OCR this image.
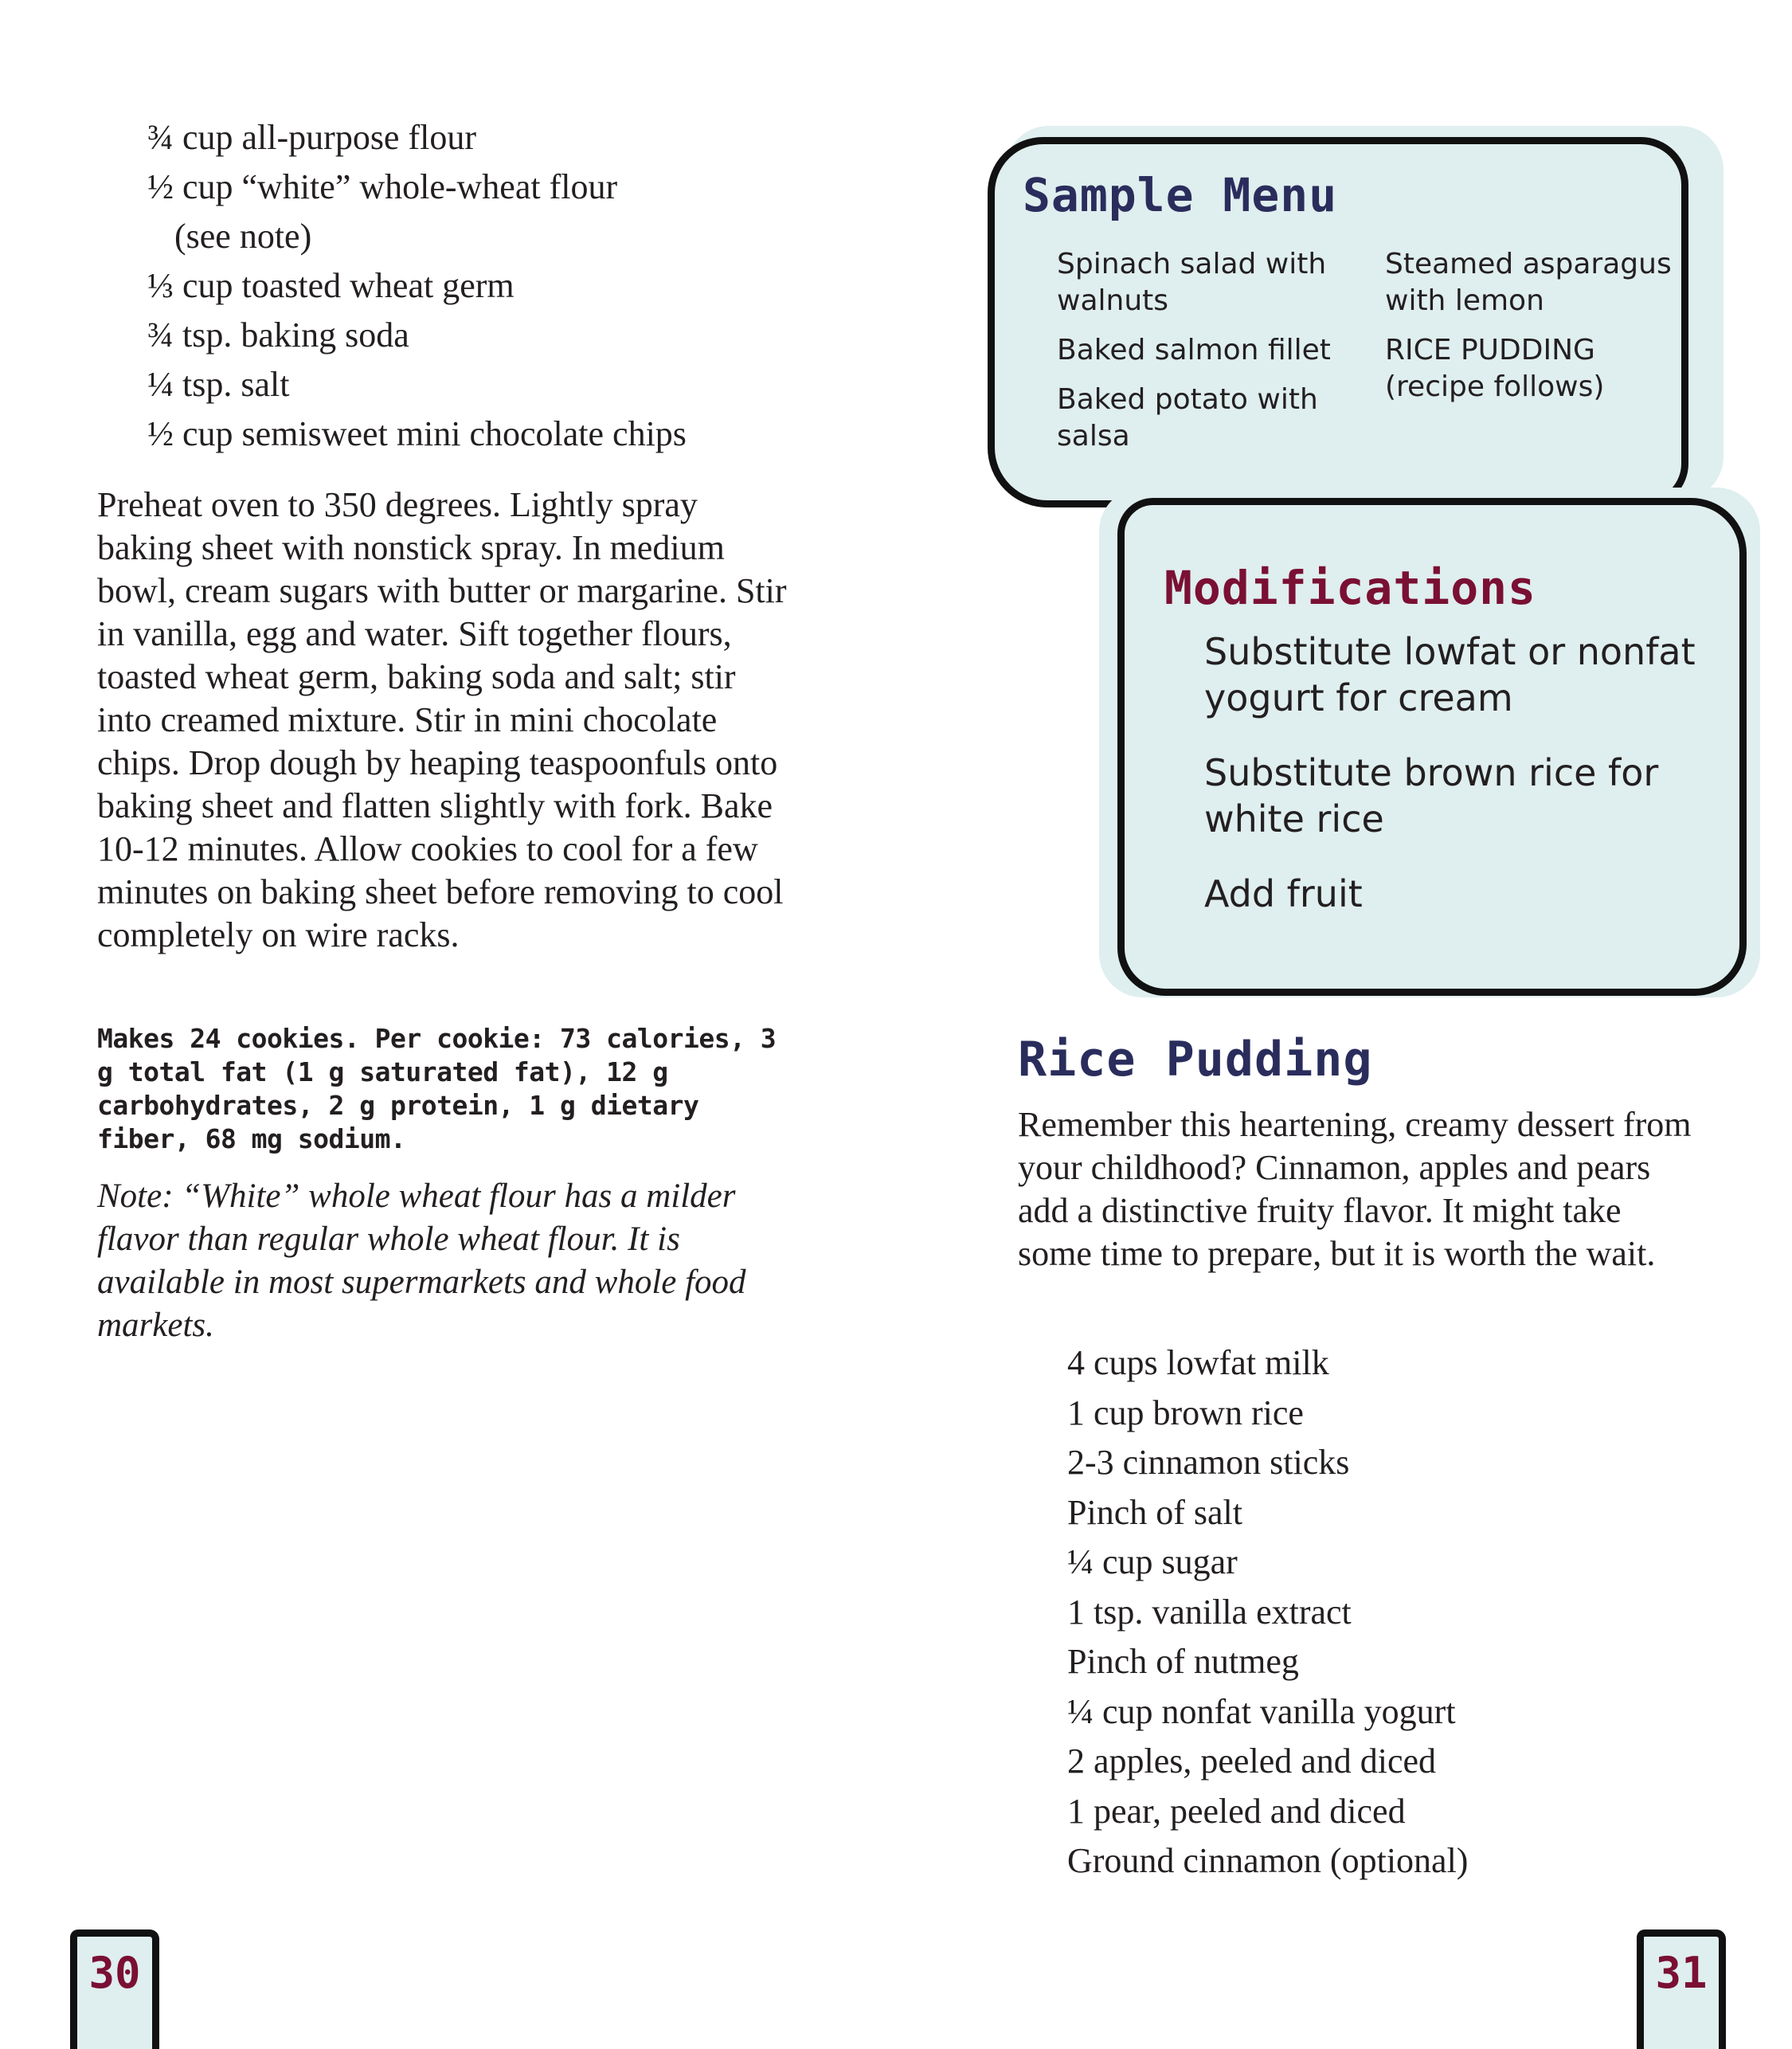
¾ cup all-purpose flour
½ cup “white” whole-wheat flour
(see note)
⅓ cup toasted wheat germ
¾ tsp. baking soda
¼ tsp. salt
½ cup semisweet mini chocolate chips

Preheat oven to 350 degrees. Lightly spray baking sheet with nonstick spray. In medium bowl, cream sugars with butter or margarine. Stir in vanilla, egg and water. Sift together flours, toasted wheat germ, baking soda and salt; stir into creamed mixture. Stir in mini chocolate chips. Drop dough by heaping teaspoonfuls onto baking sheet and flatten slightly with fork. Bake 10-12 minutes. Allow cookies to cool for a few minutes on baking sheet before removing to cool completely on wire racks.

Makes 24 cookies. Per cookie: 73 calories, 3 g total fat (1 g saturated fat), 12 g carbohydrates, 2 g protein, 1 g dietary fiber, 68 mg sodium.

Note: “White” whole wheat flour has a milder flavor than regular whole wheat flour. It is available in most supermarkets and whole food markets.

Sample Menu
Spinach salad with walnuts
Baked salmon fillet
Baked potato with salsa
Steamed asparagus with lemon
RICE PUDDING (recipe follows)
Modifications
Substitute lowfat or nonfat yogurt for cream
Substitute brown rice for white rice
Add fruit
Rice Pudding

Remember this heartening, creamy dessert from your childhood? Cinnamon, apples and pears add a distinctive fruity flavor. It might take some time to prepare, but it is worth the wait.

4 cups lowfat milk
1 cup brown rice
2-3 cinnamon sticks
Pinch of salt
¼ cup sugar
1 tsp. vanilla extract
Pinch of nutmeg
¼ cup nonfat vanilla yogurt
2 apples, peeled and diced
1 pear, peeled and diced
Ground cinnamon (optional)
30	31
